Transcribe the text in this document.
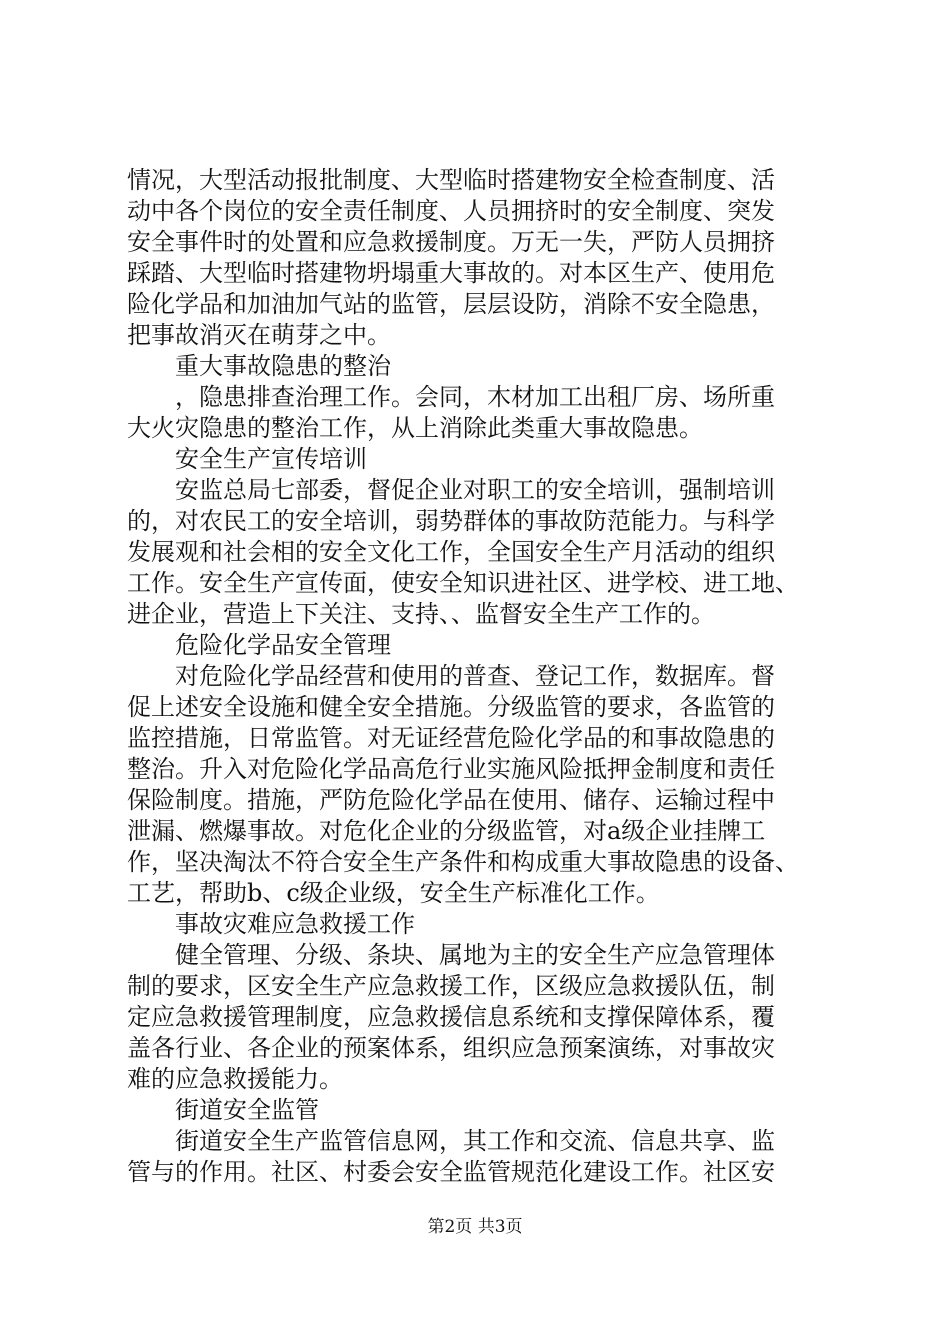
情况，大型活动报批制度、大型临时搭建物安全检查制度、活
动中各个岗位的安全责任制度、人员拥挤时的安全制度、突发
安全事件时的处置和应急救援制度。万无一失，严防人员拥挤
踩踏、大型临时搭建物坍塌重大事故的。对本区生产、使用危
险化学品和加油加气站的监管，层层设防，消除不安全隐患，
把事故消灭在萌芽之中。
重大事故隐患的整治
，隐患排查治理工作。会同，木材加工出租厂房、场所重
大火灾隐患的整治工作，从上消除此类重大事故隐患。
安全生产宣传培训
安监总局七部委，督促企业对职工的安全培训，强制培训
的，对农民工的安全培训，弱势群体的事故防范能力。与科学
发展观和社会相的安全文化工作，全国安全生产月活动的组织
工作。安全生产宣传面，使安全知识进社区、进学校、进工地、
进企业，营造上下关注、支持、、监督安全生产工作的。
危险化学品安全管理
对危险化学品经营和使用的普查、登记工作，数据库。督
促上述安全设施和健全安全措施。分级监管的要求，各监管的
监控措施，日常监管。对无证经营危险化学品的和事故隐患的
整治。升入对危险化学品高危行业实施风险抵押金制度和责任
保险制度。措施，严防危险化学品在使用、储存、运输过程中
泄漏、燃爆事故。对危化企业的分级监管，对a级企业挂牌工
作，坚决淘汰不符合安全生产条件和构成重大事故隐患的设备、
工艺，帮助b、c级企业级，安全生产标准化工作。
事故灾难应急救援工作
健全管理、分级、条块、属地为主的安全生产应急管理体
制的要求，区安全生产应急救援工作，区级应急救援队伍，制
定应急救援管理制度，应急救援信息系统和支撑保障体系，覆
盖各行业、各企业的预案体系，组织应急预案演练，对事故灾
难的应急救援能力。
街道安全监管
街道安全生产监管信息网，其工作和交流、信息共享、监
管与的作用。社区、村委会安全监管规范化建设工作。社区安
第2页 共3页
